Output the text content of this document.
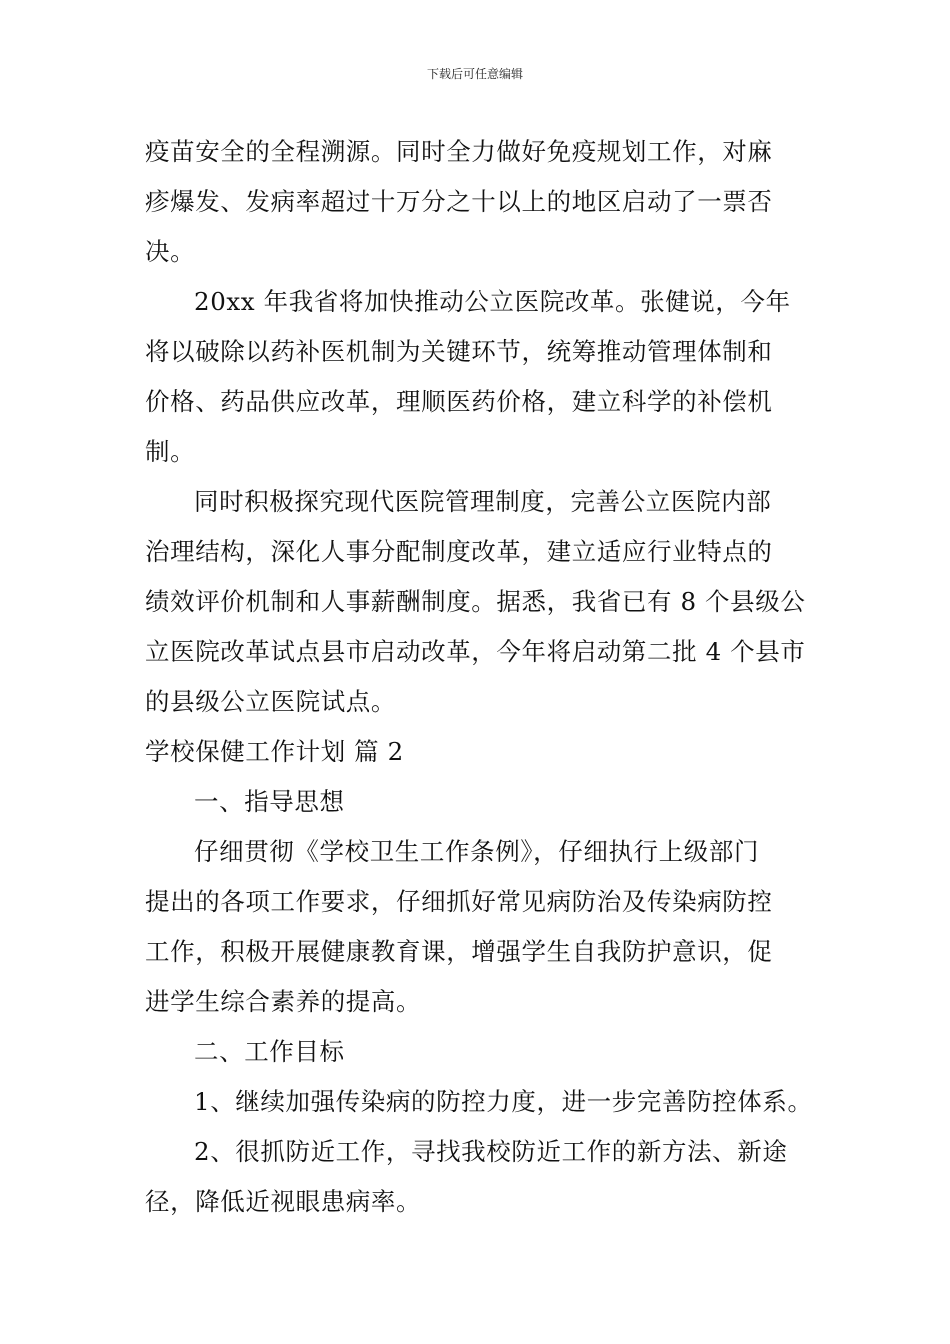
下载后可任意编辑
疫苗安全的全程溯源。同时全力做好免疫规划工作，对麻
疹爆发、发病率超过十万分之十以上的地区启动了一票否
决。
20xx 年我省将加快推动公立医院改革。张健说，今年
将以破除以药补医机制为关键环节，统筹推动管理体制和
价格、药品供应改革，理顺医药价格，建立科学的补偿机
制。
同时积极探究现代医院管理制度，完善公立医院内部
治理结构，深化人事分配制度改革，建立适应行业特点的
绩效评价机制和人事薪酬制度。据悉，我省已有 8 个县级公
立医院改革试点县市启动改革，今年将启动第二批 4 个县市
的县级公立医院试点。
学校保健工作计划 篇 2
一、指导思想
仔细贯彻《学校卫生工作条例》，仔细执行上级部门
提出的各项工作要求，仔细抓好常见病防治及传染病防控
工作，积极开展健康教育课，增强学生自我防护意识，促
进学生综合素养的提高。
二、工作目标
1、继续加强传染病的防控力度，进一步完善防控体系。
2、很抓防近工作，寻找我校防近工作的新方法、新途
径，降低近视眼患病率。
